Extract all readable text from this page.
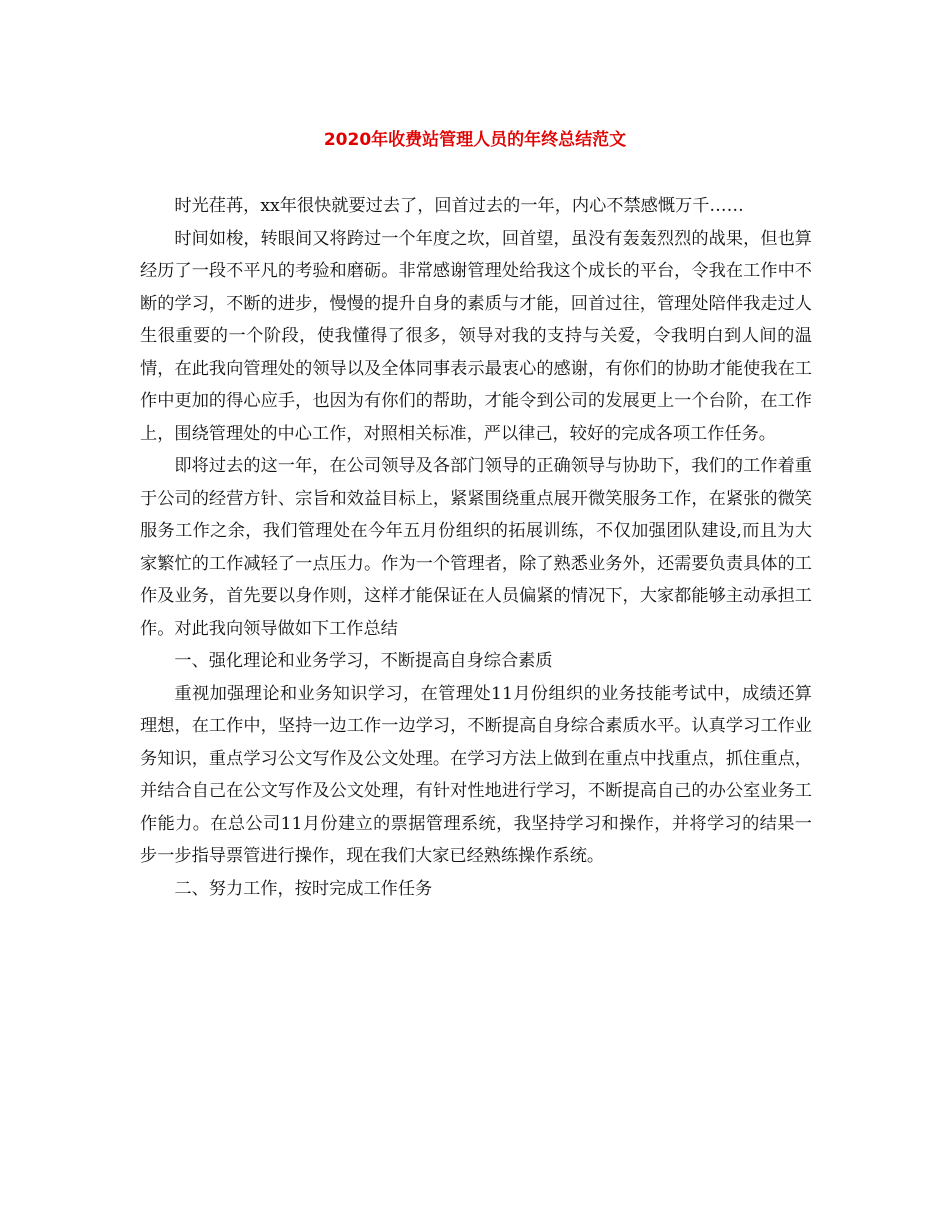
2020年收费站管理人员的年终总结范文

时光荏苒，xx年很快就要过去了，回首过去的一年，内心不禁感慨万千……

时间如梭，转眼间又将跨过一个年度之坎，回首望，虽没有轰轰烈烈的战果，但也算经历了一段不平凡的考验和磨砺。非常感谢管理处给我这个成长的平台，令我在工作中不断的学习，不断的进步，慢慢的提升自身的素质与才能，回首过往，管理处陪伴我走过人生很重要的一个阶段，使我懂得了很多，领导对我的支持与关爱，令我明白到人间的温情，在此我向管理处的领导以及全体同事表示最衷心的感谢，有你们的协助才能使我在工作中更加的得心应手，也因为有你们的帮助，才能令到公司的发展更上一个台阶，在工作上，围绕管理处的中心工作，对照相关标准，严以律己，较好的完成各项工作任务。

即将过去的这一年，在公司领导及各部门领导的正确领导与协助下，我们的工作着重于公司的经营方针、宗旨和效益目标上，紧紧围绕重点展开微笑服务工作，在紧张的微笑服务工作之余，我们管理处在今年五月份组织的拓展训练，不仅加强团队建设,而且为大家繁忙的工作减轻了一点压力。作为一个管理者，除了熟悉业务外，还需要负责具体的工作及业务，首先要以身作则，这样才能保证在人员偏紧的情况下，大家都能够主动承担工作。对此我向领导做如下工作总结

一、强化理论和业务学习，不断提高自身综合素质

重视加强理论和业务知识学习，在管理处11月份组织的业务技能考试中，成绩还算理想，在工作中，坚持一边工作一边学习，不断提高自身综合素质水平。认真学习工作业务知识，重点学习公文写作及公文处理。在学习方法上做到在重点中找重点，抓住重点，并结合自己在公文写作及公文处理，有针对性地进行学习，不断提高自己的办公室业务工作能力。在总公司11月份建立的票据管理系统，我坚持学习和操作，并将学习的结果一步一步指导票管进行操作，现在我们大家已经熟练操作系统。

二、努力工作，按时完成工作任务
